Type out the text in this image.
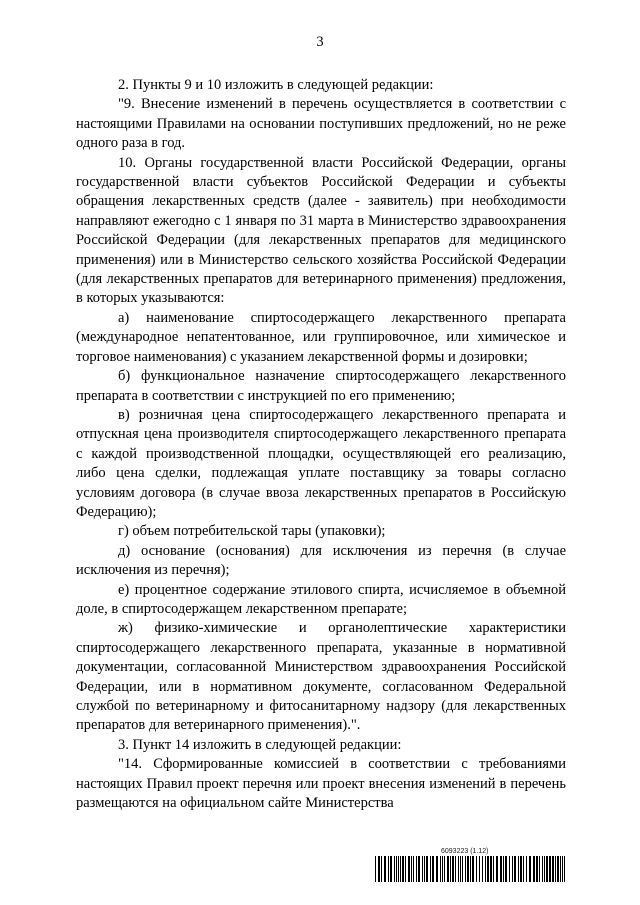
3

2. Пункты 9 и 10 изложить в следующей редакции:

"9. Внесение изменений в перечень осуществляется в соответствии с настоящими Правилами на основании поступивших предложений, но не реже одного раза в год.

10. Органы государственной власти Российской Федерации, органы государственной власти субъектов Российской Федерации и субъекты обращения лекарственных средств (далее - заявитель) при необходимости направляют ежегодно с 1 января по 31 марта в Министерство здравоохранения Российской Федерации (для лекарственных препаратов для медицинского применения) или в Министерство сельского хозяйства Российской Федерации (для лекарственных препаратов для ветеринарного применения) предложения, в которых указываются:

а) наименование спиртосодержащего лекарственного препарата (международное непатентованное, или группировочное, или химическое и торговое наименования) с указанием лекарственной формы и дозировки;

б) функциональное назначение спиртосодержащего лекарственного препарата в соответствии с инструкцией по его применению;

в) розничная цена спиртосодержащего лекарственного препарата и отпускная цена производителя спиртосодержащего лекарственного препарата с каждой производственной площадки, осуществляющей его реализацию, либо цена сделки, подлежащая уплате поставщику за товары согласно условиям договора (в случае ввоза лекарственных препаратов в Российскую Федерацию);

г) объем потребительской тары (упаковки);

д) основание (основания) для исключения из перечня (в случае исключения из перечня);

е) процентное содержание этилового спирта, исчисляемое в объемной доле, в спиртосодержащем лекарственном препарате;

ж) физико-химические и органолептические характеристики спиртосодержащего лекарственного препарата, указанные в нормативной документации, согласованной Министерством здравоохранения Российской Федерации, или в нормативном документе, согласованном Федеральной службой по ветеринарному и фитосанитарному надзору (для лекарственных препаратов для ветеринарного применения).".

3. Пункт 14 изложить в следующей редакции:

"14. Сформированные комиссией в соответствии с требованиями настоящих Правил проект перечня или проект внесения изменений в перечень размещаются на официальном сайте Министерства

6093223 (1.12)
